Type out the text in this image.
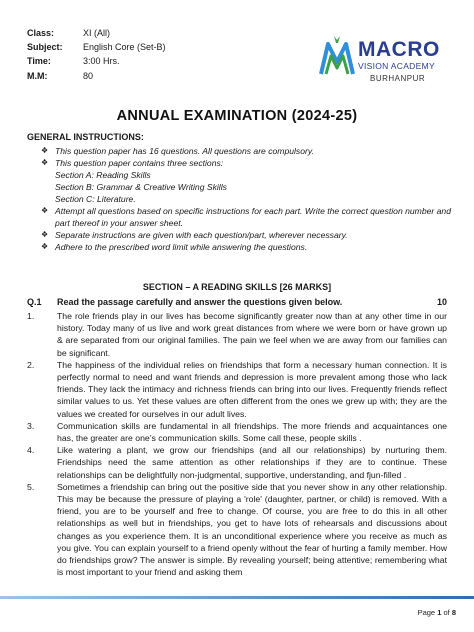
Class:	XI (All)
Subject:	English Core (Set-B)
Time:	3:00 Hrs.
M.M:	80
MACRO
VISION ACADEMY
BURHANPUR
ANNUAL EXAMINATION (2024-25)
GENERAL INSTRUCTIONS:
❖ This question paper has 16 questions. All questions are compulsory.
❖ This question paper contains three sections:
Section A: Reading Skills
Section B: Grammar & Creative Writing Skills
Section C: Literature.
❖ Attempt all questions based on specific instructions for each part. Write the correct question number and part thereof in your answer sheet.
❖ Separate instructions are given with each question/part, wherever necessary.
❖ Adhere to the prescribed word limit while answering the questions.
SECTION – A READING SKILLS [26 MARKS]
Q.1	Read the passage carefully and answer the questions given below.	10
1.	The role friends play in our lives has become significantly greater now than at any other time in our history. Today many of us live and work great distances from where we were born or have grown up & are separated from our original families. The pain we feel when we are away from our families can be significant.
2.	The happiness of the individual relies on friendships that form a necessary human connection. It is perfectly normal to need and want friends and depression is more prevalent among those who lack friends. They lack the intimacy and richness friends can bring into our lives. Frequently friends reflect similar values to us. Yet these values are often different from the ones we grew up with; they are the values we created for ourselves in our adult lives.
3.	Communication skills are fundamental in all friendships. The more friends and acquaintances one has, the greater are one’s communication skills. Some call these, people skills .
4.	Like watering a plant, we grow our friendships (and all our relationships) by nurturing them. Friendships need the same attention as other relationships if they are to continue. These relationships can be delightfully non-judgmental, supportive, understanding, and fjun-filled .
5.	Sometimes a friendship can bring out the positive side that you never show in any other relationship. This may be because the pressure of playing a 'role' (daughter, partner, or child) is removed. With a friend, you are to be yourself and free to change. Of course, you are free to do this in all other relationships as well but in friendships, you get to have lots of rehearsals and discussions about changes as you experience them. It is an unconditional experience where you receive as much as you give. You can explain yourself to a friend openly without the fear of hurting a family member. How do friendships grow? The answer is simple. By revealing yourself; being attentive; remembering what is most important to your friend and asking them
Page 1 of 8
